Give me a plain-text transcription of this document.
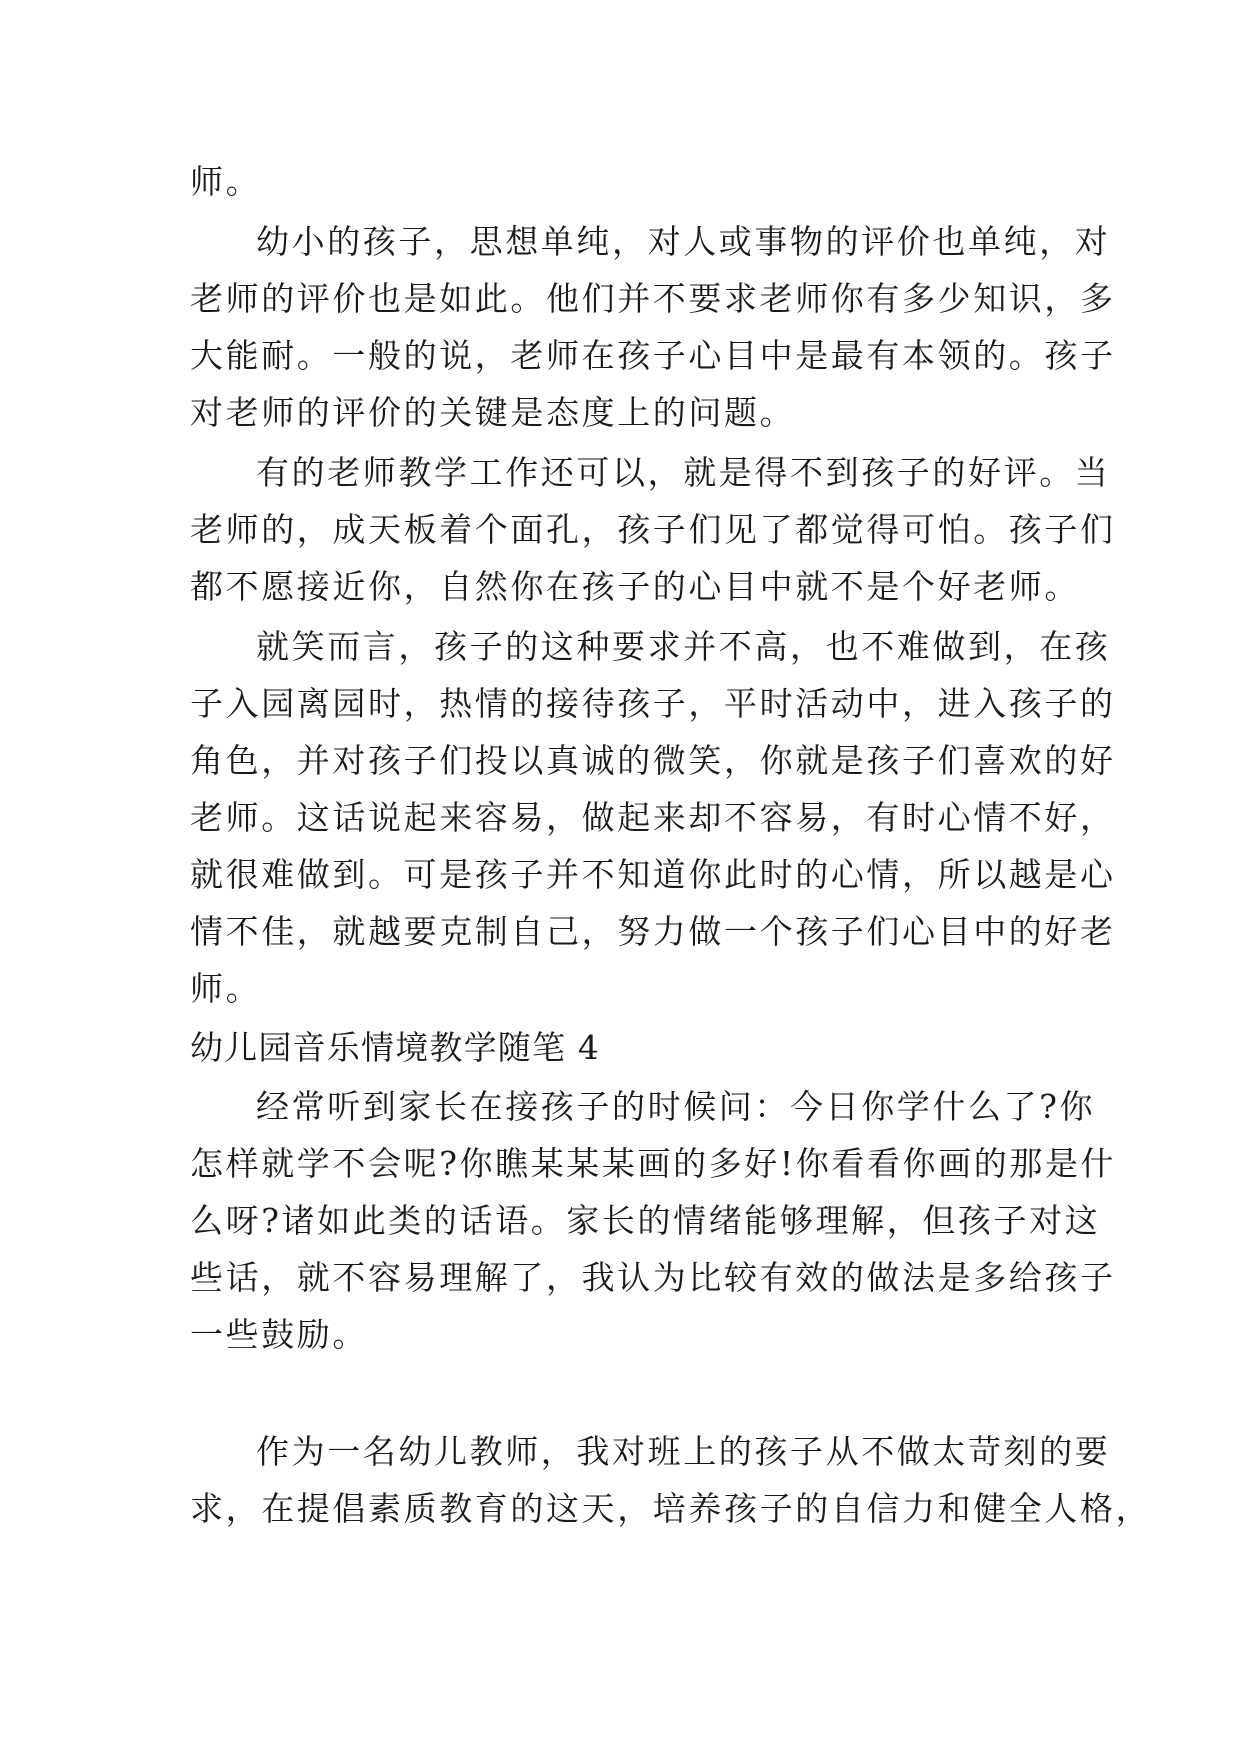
师。

幼小的孩子，思想单纯，对人或事物的评价也单纯，对

老师的评价也是如此。他们并不要求老师你有多少知识，多

大能耐。一般的说，老师在孩子心目中是最有本领的。孩子

对老师的评价的关键是态度上的问题。

有的老师教学工作还可以，就是得不到孩子的好评。当

老师的，成天板着个面孔，孩子们见了都觉得可怕。孩子们

都不愿接近你，自然你在孩子的心目中就不是个好老师。

就笑而言，孩子的这种要求并不高，也不难做到，在孩

子入园离园时，热情的接待孩子，平时活动中，进入孩子的

角色，并对孩子们投以真诚的微笑，你就是孩子们喜欢的好

老师。这话说起来容易，做起来却不容易，有时心情不好，

就很难做到。可是孩子并不知道你此时的心情，所以越是心

情不佳，就越要克制自己，努力做一个孩子们心目中的好老

师。

幼儿园音乐情境教学随笔 4

经常听到家长在接孩子的时候问：今日你学什么了?你

怎样就学不会呢?你瞧某某某画的多好!你看看你画的那是什

么呀?诸如此类的话语。家长的情绪能够理解，但孩子对这

些话，就不容易理解了，我认为比较有效的做法是多给孩子

一些鼓励。

作为一名幼儿教师，我对班上的孩子从不做太苛刻的要

求，在提倡素质教育的这天，培养孩子的自信力和健全人格，
